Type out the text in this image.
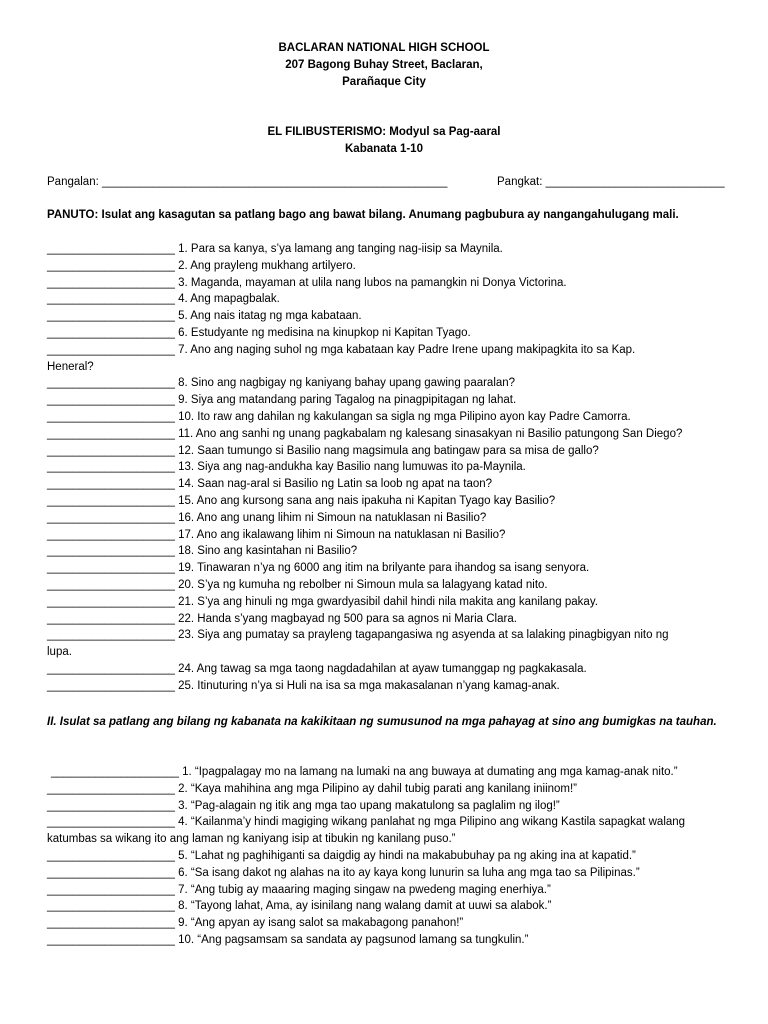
BACLARAN NATIONAL HIGH SCHOOL
207 Bagong Buhay Street, Baclaran,
Parañaque City
EL FILIBUSTERISMO: Modyul sa Pag-aaral
Kabanata 1-10
Pangalan: ______________________________________________________	Pangkat: ____________________________
PANUTO: Isulat ang kasagutan sa patlang bago ang bawat bilang. Anumang pagbubura ay nangangahulugang mali.
____________________ 1. Para sa kanya, s’ya lamang ang tanging nag-iisip sa Maynila.
____________________ 2. Ang prayleng mukhang artilyero.
____________________ 3. Maganda, mayaman at ulila nang lubos na pamangkin ni Donya Victorina.
____________________ 4. Ang mapagbalak.
____________________ 5. Ang nais itatag ng mga kabataan.
____________________ 6. Estudyante ng medisina na kinupkop ni Kapitan Tyago.
____________________ 7. Ano ang naging suhol ng mga kabataan kay Padre Irene upang makipagkita ito sa Kap.
Heneral?
____________________ 8. Sino ang nagbigay ng kaniyang bahay upang gawing paaralan?
____________________ 9. Siya ang matandang paring Tagalog na pinagpipitagan ng lahat.
____________________ 10. Ito raw ang dahilan ng kakulangan sa sigla ng mga Pilipino ayon kay Padre Camorra.
____________________ 11. Ano ang sanhi ng unang pagkabalam ng kalesang sinasakyan ni Basilio patungong San Diego?
____________________ 12. Saan tumungo si Basilio nang magsimula ang batingaw para sa misa de gallo?
____________________ 13. Siya ang nag-andukha kay Basilio nang lumuwas ito pa-Maynila.
____________________ 14. Saan nag-aral si Basilio ng Latin sa loob ng apat na taon?
____________________ 15. Ano ang kursong sana ang nais ipakuha ni Kapitan Tyago kay Basilio?
____________________ 16. Ano ang unang lihim ni Simoun na natuklasan ni Basilio?
____________________ 17. Ano ang ikalawang lihim ni Simoun na natuklasan ni Basilio?
____________________ 18. Sino ang kasintahan ni Basilio?
____________________ 19. Tinawaran n’ya ng 6000 ang itim na brilyante para ihandog sa isang senyora.
____________________ 20. S’ya ng kumuha ng rebolber ni Simoun mula sa lalagyang katad nito.
____________________ 21. S’ya ang hinuli ng mga gwardyasibil dahil hindi nila makita ang kanilang pakay.
____________________ 22. Handa s’yang magbayad ng 500 para sa agnos ni Maria Clara.
____________________ 23. Siya ang pumatay sa prayleng tagapangasiwa ng asyenda at sa lalaking pinagbigyan nito ng
lupa.
____________________ 24. Ang tawag sa mga taong nagdadahilan at ayaw tumanggap ng pagkakasala.
____________________ 25. Itinuturing n’ya si Huli na isa sa mga makasalanan n’yang kamag-anak.
II. Isulat sa patlang ang bilang ng kabanata na kakikitaan ng sumusunod na mga pahayag at sino ang bumigkas na tauhan.
____________________ 1. “Ipagpalagay mo na lamang na lumaki na ang buwaya at dumating ang mga kamag-anak nito.”
____________________ 2. “Kaya mahihina ang mga Pilipino ay dahil tubig parati ang kanilang iniinom!”
____________________ 3. “Pag-alagain ng itik ang mga tao upang makatulong sa paglalim ng ilog!”
____________________ 4. “Kailanma’y hindi magiging wikang panlahat ng mga Pilipino ang wikang Kastila sapagkat walang katumbas sa wikang ito ang laman ng kaniyang isip at tibukin ng kanilang puso.”
____________________ 5. “Lahat ng paghihiganti sa daigdig ay hindi na makabubuhay pa ng aking ina at kapatid.”
____________________ 6. “Sa isang dakot ng alahas na ito ay kaya kong lunurin sa luha ang mga tao sa Pilipinas.”
____________________ 7. “Ang tubig ay maaaring maging singaw na pwedeng maging enerhiya.”
____________________ 8. “Tayong lahat, Ama, ay isinilang nang walang damit at uuwi sa alabok.”
____________________ 9. “Ang apyan ay isang salot sa makabagong panahon!”
____________________ 10. “Ang pagsamsam sa sandata ay pagsunod lamang sa tungkulin.”
